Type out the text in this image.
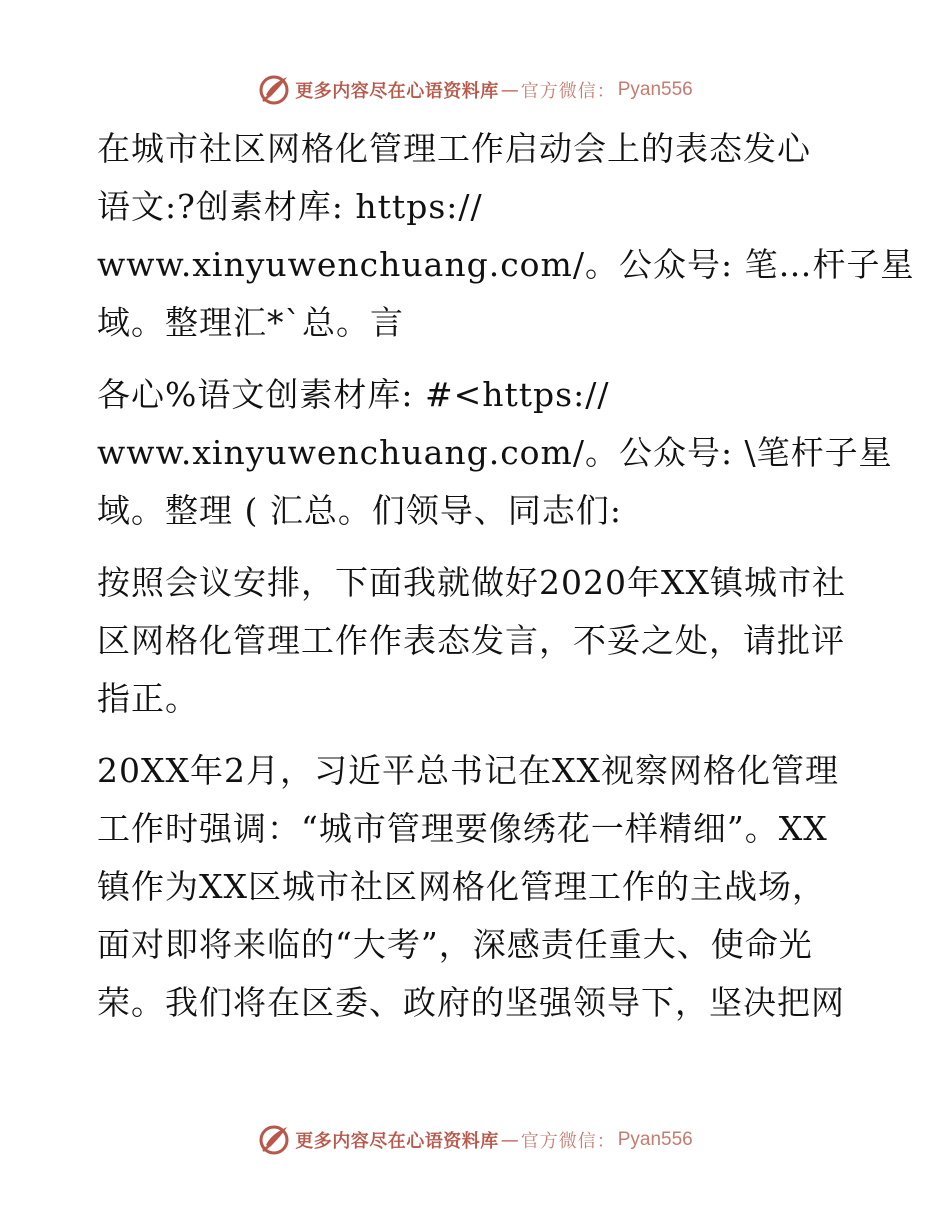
更多内容尽在心语资料库 — 官方微信： Pyan556

在城市社区网格化管理工作启动会上的表态发心
语文:?创素材库: https://
www.xinyuwenchuang.com/。公众号: 笔…杆子星
域。整理汇*`总。言

各心%语文创素材库: #<https://
www.xinyuwenchuang.com/。公众号: \笔杆子星
域。整理 ( 汇总。们领导、同志们:

按照会议安排，下面我就做好2020年XX镇城市社
区网格化管理工作作表态发言，不妥之处，请批评
指正。

20XX年2月，习近平总书记在XX视察网格化管理
工作时强调：“城市管理要像绣花一样精细”。XX
镇作为XX区城市社区网格化管理工作的主战场，
面对即将来临的“大考”，深感责任重大、使命光
荣。我们将在区委、政府的坚强领导下，坚决把网

更多内容尽在心语资料库 — 官方微信： Pyan556
